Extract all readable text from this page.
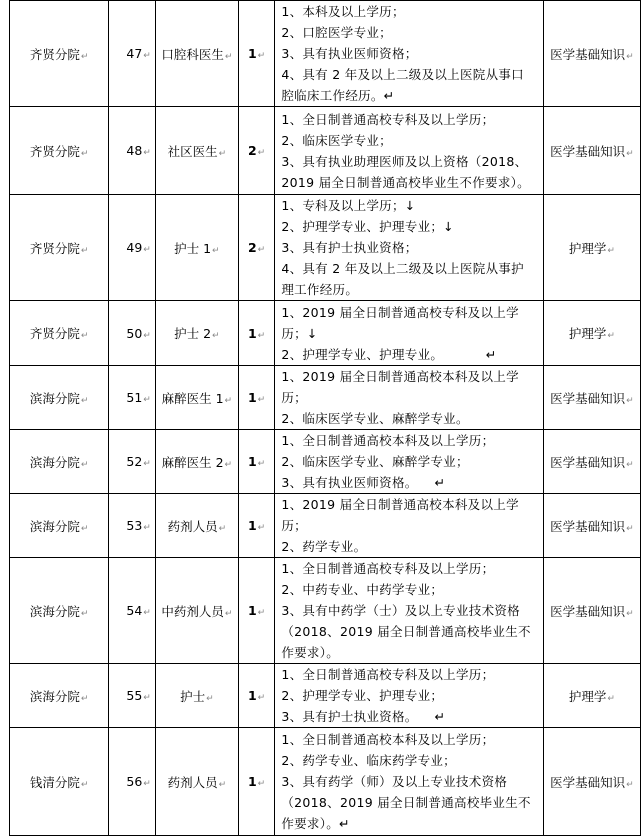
齐贤分院↵	47↵	口腔科医生↵	1↵	1、本科及以上学历；
2、口腔医学专业；
3、具有执业医师资格；
4、具有 2 年及以上二级及以上医院从事口
腔临床工作经历。↵	医学基础知识↵
齐贤分院↵	48↵	社区医生↵	2↵	1、全日制普通高校专科及以上学历；
2、临床医学专业；
3、具有执业助理医师及以上资格（2018、
2019 届全日制普通高校毕业生不作要求）。	医学基础知识↵
齐贤分院↵	49↵	护士 1↵	2↵	1、专科及以上学历；↓
2、护理学专业、护理专业；↓
3、具有护士执业资格；
4、具有 2 年及以上二级及以上医院从事护
理工作经历。	护理学↵
齐贤分院↵	50↵	护士 2↵	1↵	1、2019 届全日制普通高校专科及以上学
历；↓
2、护理学专业、护理专业。          ↵	护理学↵
滨海分院↵	51↵	麻醉医生 1↵	1↵	1、2019 届全日制普通高校本科及以上学
历；
2、临床医学专业、麻醉学专业。	医学基础知识↵
滨海分院↵	52↵	麻醉医生 2↵	1↵	1、全日制普通高校本科及以上学历；
2、临床医学专业、麻醉学专业；
3、具有执业医师资格。    ↵	医学基础知识↵
滨海分院↵	53↵	药剂人员↵	1↵	1、2019 届全日制普通高校本科及以上学
历；
2、药学专业。	医学基础知识↵
滨海分院↵	54↵	中药剂人员↵	1↵	1、全日制普通高校专科及以上学历；
2、中药专业、中药学专业；
3、具有中药学（士）及以上专业技术资格
（2018、2019 届全日制普通高校毕业生不
作要求）。	医学基础知识↵
滨海分院↵	55↵	护士↵	1↵	1、全日制普通高校专科及以上学历；
2、护理学专业、护理专业；
3、具有护士执业资格。    ↵	护理学↵
钱清分院↵	56↵	药剂人员↵	1↵	1、全日制普通高校本科及以上学历；
2、药学专业、临床药学专业；
3、具有药学（师）及以上专业技术资格
（2018、2019 届全日制普通高校毕业生不
作要求）。↵	医学基础知识↵
